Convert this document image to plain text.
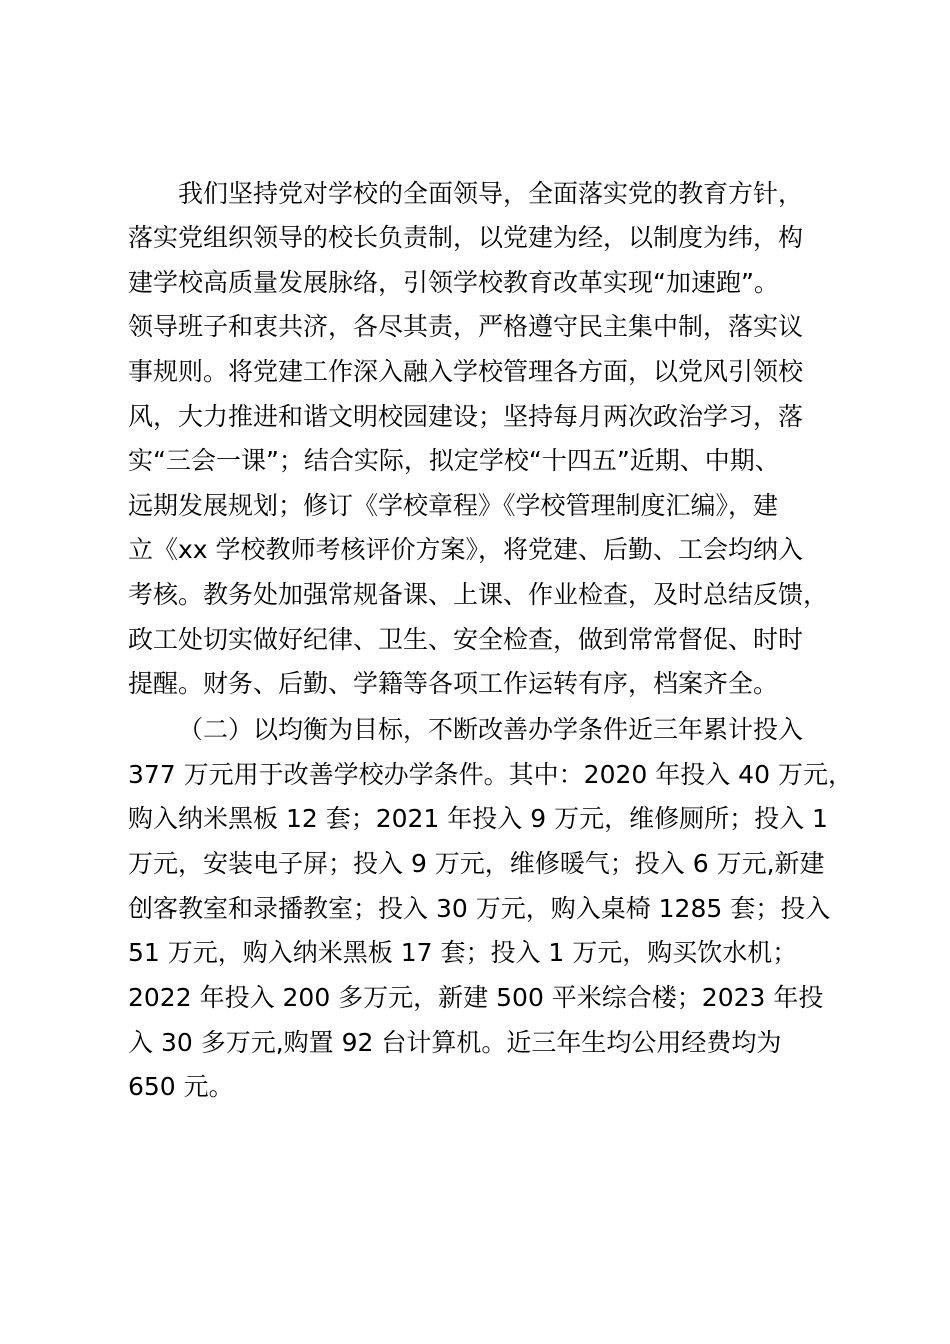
我们坚持党对学校的全面领导，全面落实党的教育方针，
落实党组织领导的校长负责制，以党建为经，以制度为纬，构
建学校高质量发展脉络，引领学校教育改革实现“加速跑”。
领导班子和衷共济，各尽其责，严格遵守民主集中制，落实议
事规则。将党建工作深入融入学校管理各方面，以党风引领校
风，大力推进和谐文明校园建设；坚持每月两次政治学习，落
实“三会一课”；结合实际，拟定学校“十四五”近期、中期、
远期发展规划；修订《学校章程》《学校管理制度汇编》，建
立《xx 学校教师考核评价方案》，将党建、后勤、工会均纳入
考核。教务处加强常规备课、上课、作业检查，及时总结反馈，
政工处切实做好纪律、卫生、安全检查，做到常常督促、时时
提醒。财务、后勤、学籍等各项工作运转有序，档案齐全。
（二）以均衡为目标，不断改善办学条件近三年累计投入
377 万元用于改善学校办学条件。其中：2020 年投入 40 万元，
购入纳米黑板 12 套；2021 年投入 9 万元，维修厕所；投入 1
万元，安装电子屏；投入 9 万元，维修暖气；投入 6 万元,新建
创客教室和录播教室；投入 30 万元，购入桌椅 1285 套；投入
51 万元，购入纳米黑板 17 套；投入 1 万元，购买饮水机；
2022 年投入 200 多万元，新建 500 平米综合楼；2023 年投
入 30 多万元,购置 92 台计算机。近三年生均公用经费均为
650 元。
